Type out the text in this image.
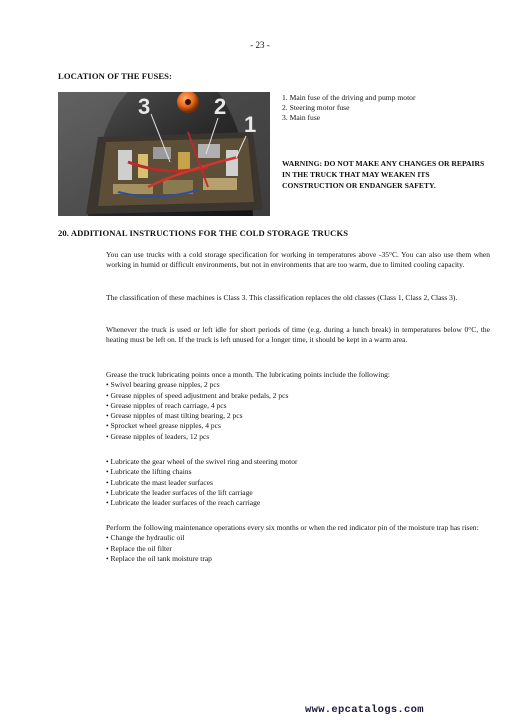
- 23 -
LOCATION OF THE FUSES:
3	2
1
1. Main fuse of the driving and pump motor
2. Steering motor fuse
3. Main fuse
WARNING: DO NOT MAKE ANY CHANGES OR REPAIRS IN THE TRUCK THAT MAY WEAKEN ITS CONSTRUCTION OR ENDANGER SAFETY.
20. ADDITIONAL INSTRUCTIONS FOR THE COLD STORAGE TRUCKS
You can use trucks with a cold storage specification for working in temperatures above -35°C. You can also use them when working in humid or difficult environments, but not in environments that are too warm, due to limited cooling capacity.
The classification of these machines is Class 3. This classification replaces the old classes (Class 1, Class 2, Class 3).
Whenever the truck is used or left idle for short periods of time (e.g. during a lunch break) in temperatures below 0°C, the heating must be left on. If the truck is left unused for a longer time, it should be kept in a warm area.
Grease the truck lubricating points once a month. The lubricating points include the following:
• Swivel bearing grease nipples, 2 pcs
• Grease nipples of speed adjustment and brake pedals, 2 pcs
• Grease nipples of reach carriage, 4 pcs
• Grease nipples of mast tilting bearing, 2 pcs
• Sprocket wheel grease nipples, 4 pcs
• Grease nipples of leaders, 12 pcs
• Lubricate the gear wheel of the swivel ring and steering motor
• Lubricate the lifting chains
• Lubricate the mast leader surfaces
• Lubricate the leader surfaces of the lift carriage
• Lubricate the leader surfaces of the reach carriage
Perform the following maintenance operations every six months or when the red indicator pin of the moisture trap has risen:
• Change the hydraulic oil
• Replace the oil filter
• Replace the oil tank moisture trap
www.epcatalogs.com
